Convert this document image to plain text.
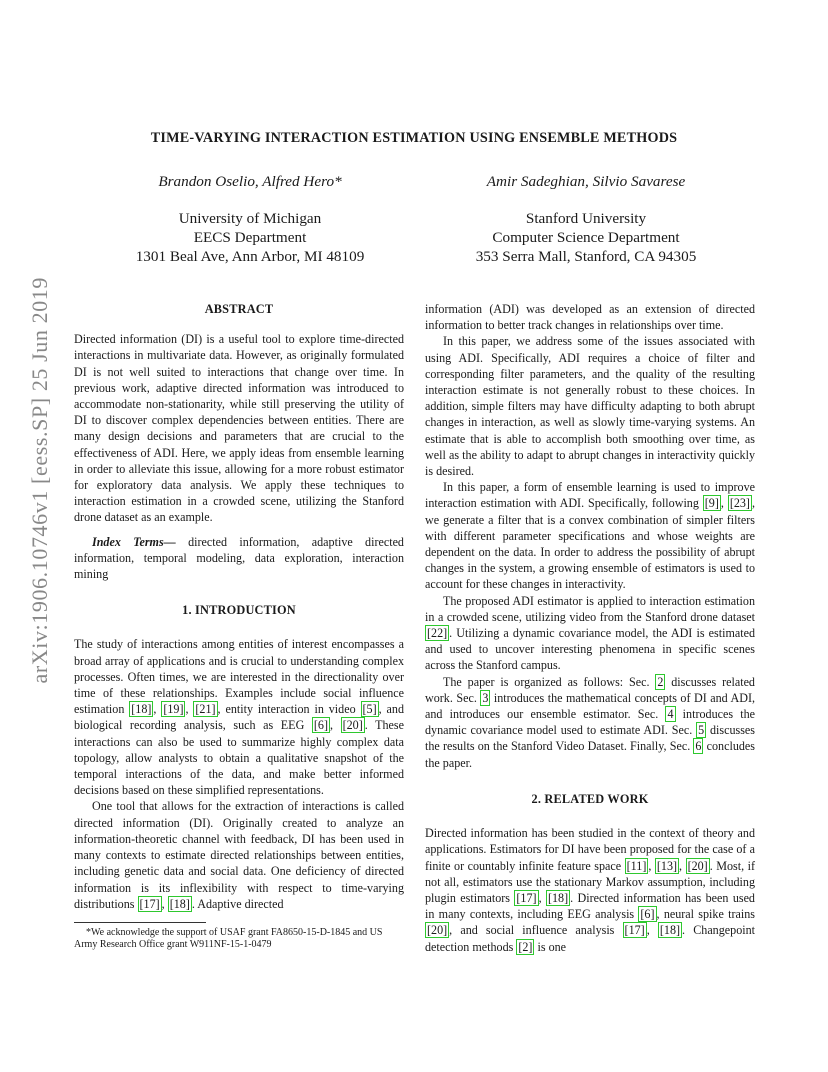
arXiv:1906.10746v1 [eess.SP] 25 Jun 2019
TIME-VARYING INTERACTION ESTIMATION USING ENSEMBLE METHODS
Brandon Oselio, Alfred Hero*
University of Michigan
EECS Department
1301 Beal Ave, Ann Arbor, MI 48109
Amir Sadeghian, Silvio Savarese
Stanford University
Computer Science Department
353 Serra Mall, Stanford, CA 94305
ABSTRACT

Directed information (DI) is a useful tool to explore time-directed interactions in multivariate data. However, as originally formulated DI is not well suited to interactions that change over time. In previous work, adaptive directed information was introduced to accommodate non-stationarity, while still preserving the utility of DI to discover complex dependencies between entities. There are many design decisions and parameters that are crucial to the effectiveness of ADI. Here, we apply ideas from ensemble learning in order to alleviate this issue, allowing for a more robust estimator for exploratory data analysis. We apply these techniques to interaction estimation in a crowded scene, utilizing the Stanford drone dataset as an example.

Index Terms— directed information, adaptive directed information, temporal modeling, data exploration, interaction mining

1. INTRODUCTION

The study of interactions among entities of interest encompasses a broad array of applications and is crucial to understanding complex processes. Often times, we are interested in the directionality over time of these relationships. Examples include social influence estimation [18] , [19] , [21] , entity interaction in video [5] , and biological recording analysis, such as EEG [6] , [20] . These interactions can also be used to summarize highly complex data topology, allow analysts to obtain a qualitative snapshot of the temporal interactions of the data, and make better informed decisions based on these simplified representations.

One tool that allows for the extraction of interactions is called directed information (DI). Originally created to analyze an information-theoretic channel with feedback, DI has been used in many contexts to estimate directed relationships between entities, including genetic data and social data. One deficiency of directed information is its inflexibility with respect to time-varying distributions [17] , [18] . Adaptive directed

*We acknowledge the support of USAF grant FA8650-15-D-1845 and US Army Research Office grant W911NF-15-1-0479

information (ADI) was developed as an extension of directed information to better track changes in relationships over time.

In this paper, we address some of the issues associated with using ADI. Specifically, ADI requires a choice of filter and corresponding filter parameters, and the quality of the resulting interaction estimate is not generally robust to these choices. In addition, simple filters may have difficulty adapting to both abrupt changes in interaction, as well as slowly time-varying systems. An estimate that is able to accomplish both smoothing over time, as well as the ability to adapt to abrupt changes in interactivity quickly is desired.

In this paper, a form of ensemble learning is used to improve interaction estimation with ADI. Specifically, following [9] , [23] , we generate a filter that is a convex combination of simpler filters with different parameter specifications and whose weights are dependent on the data. In order to address the possibility of abrupt changes in the system, a growing ensemble of estimators is used to account for these changes in interactivity.

The proposed ADI estimator is applied to interaction estimation in a crowded scene, utilizing video from the Stanford drone dataset [22] . Utilizing a dynamic covariance model, the ADI is estimated and used to uncover interesting phenomena in specific scenes across the Stanford campus.

The paper is organized as follows: Sec. 2 discusses related work. Sec. 3 introduces the mathematical concepts of DI and ADI, and introduces our ensemble estimator. Sec. 4 introduces the dynamic covariance model used to estimate ADI. Sec. 5 discusses the results on the Stanford Video Dataset. Finally, Sec. 6 concludes the paper.

2. RELATED WORK

Directed information has been studied in the context of theory and applications. Estimators for DI have been proposed for the case of a finite or countably infinite feature space [11] , [13] , [20] . Most, if not all, estimators use the stationary Markov assumption, including plugin estimators [17] , [18] . Directed information has been used in many contexts, including EEG analysis [6] , neural spike trains [20] , and social influence analysis [17] , [18] . Changepoint detection methods [2] is one
